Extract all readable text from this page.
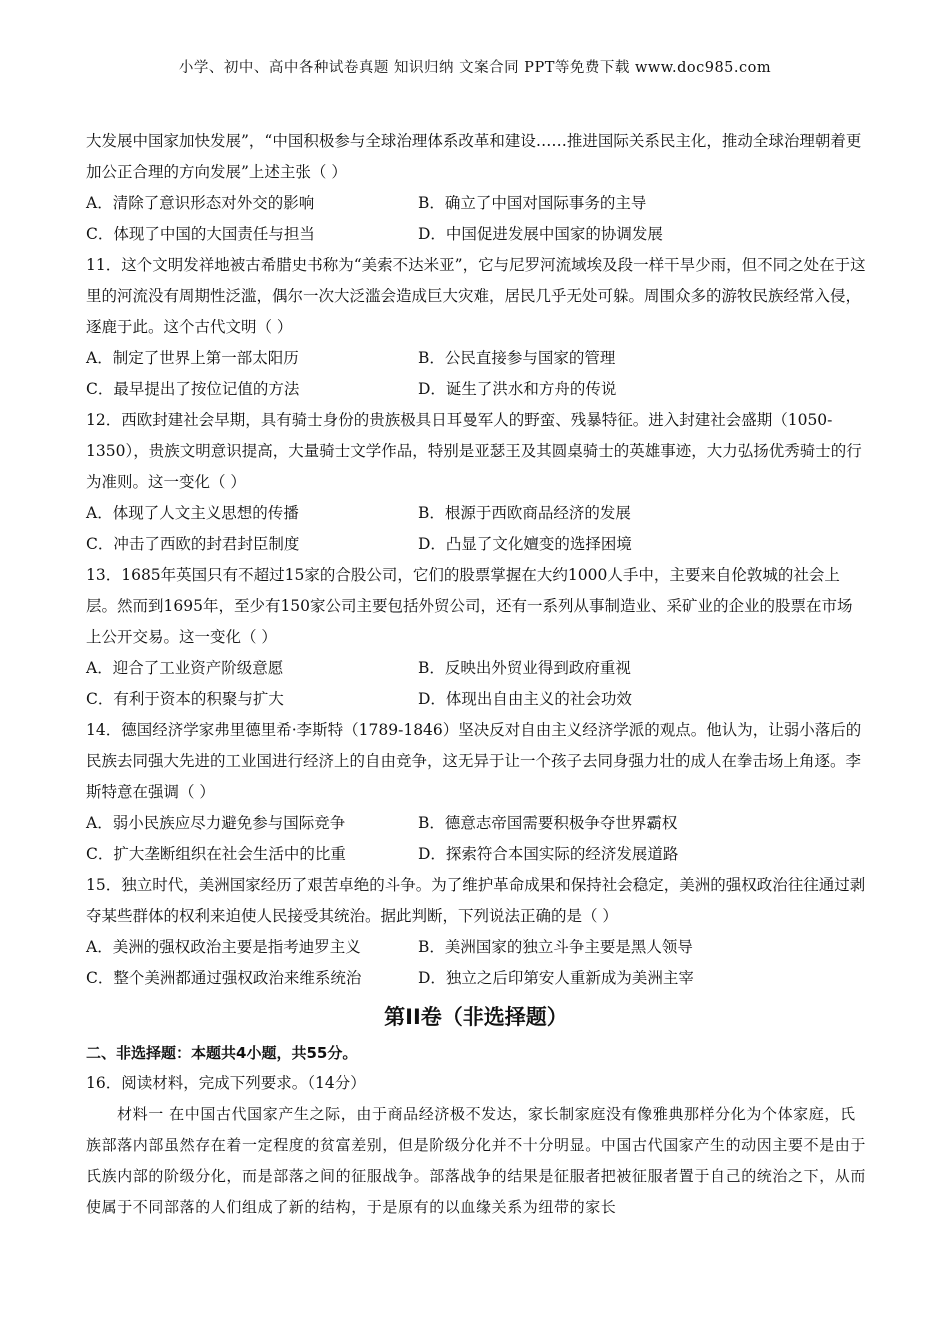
小学、初中、高中各种试卷真题 知识归纳 文案合同 PPT等免费下载 www.doc985.com

大发展中国家加快发展”，“中国积极参与全球治理体系改革和建设……推进国际关系民主化，推动全球治理朝着更加公正合理的方向发展”上述主张（ ）

A．清除了意识形态对外交的影响	B．确立了中国对国际事务的主导
C．体现了中国的大国责任与担当	D．中国促进发展中国家的协调发展

11．这个文明发祥地被古希腊史书称为“美索不达米亚”，它与尼罗河流域埃及段一样干旱少雨，但不同之处在于这里的河流没有周期性泛滥，偶尔一次大泛滥会造成巨大灾难，居民几乎无处可躲。周围众多的游牧民族经常入侵，逐鹿于此。这个古代文明（ ）

A．制定了世界上第一部太阳历	B．公民直接参与国家的管理
C．最早提出了按位记值的方法	D．诞生了洪水和方舟的传说

12．西欧封建社会早期，具有骑士身份的贵族极具日耳曼军人的野蛮、残暴特征。进入封建社会盛期（1050-1350），贵族文明意识提高，大量骑士文学作品，特别是亚瑟王及其圆桌骑士的英雄事迹，大力弘扬优秀骑士的行为准则。这一变化（ ）

A．体现了人文主义思想的传播	B．根源于西欧商品经济的发展
C．冲击了西欧的封君封臣制度	D．凸显了文化嬗变的选择困境

13．1685年英国只有不超过15家的合股公司，它们的股票掌握在大约1000人手中，主要来自伦敦城的社会上层。然而到1695年，至少有150家公司主要包括外贸公司，还有一系列从事制造业、采矿业的企业的股票在市场上公开交易。这一变化（ ）

A．迎合了工业资产阶级意愿	B．反映出外贸业得到政府重视
C．有利于资本的积聚与扩大	D．体现出自由主义的社会功效

14．德国经济学家弗里德里希·李斯特（1789-1846）坚决反对自由主义经济学派的观点。他认为，让弱小落后的民族去同强大先进的工业国进行经济上的自由竞争，这无异于让一个孩子去同身强力壮的成人在拳击场上角逐。李斯特意在强调（ ）

A．弱小民族应尽力避免参与国际竞争	B．德意志帝国需要积极争夺世界霸权
C．扩大垄断组织在社会生活中的比重	D．探索符合本国实际的经济发展道路

15．独立时代，美洲国家经历了艰苦卓绝的斗争。为了维护革命成果和保持社会稳定，美洲的强权政治往往通过剥夺某些群体的权利来迫使人民接受其统治。据此判断，下列说法正确的是（ ）

A．美洲的强权政治主要是指考迪罗主义	B．美洲国家的独立斗争主要是黑人领导
C．整个美洲都通过强权政治来维系统治	D．独立之后印第安人重新成为美洲主宰
第II卷（非选择题）

二、非选择题：本题共4小题，共55分。

16．阅读材料，完成下列要求。（14分）

材料一 在中国古代国家产生之际，由于商品经济极不发达，家长制家庭没有像雅典那样分化为个体家庭，氏族部落内部虽然存在着一定程度的贫富差别，但是阶级分化并不十分明显。中国古代国家产生的动因主要不是由于氏族内部的阶级分化，而是部落之间的征服战争。部落战争的结果是征服者把被征服者置于自己的统治之下，从而使属于不同部落的人们组成了新的结构，于是原有的以血缘关系为纽带的家长
